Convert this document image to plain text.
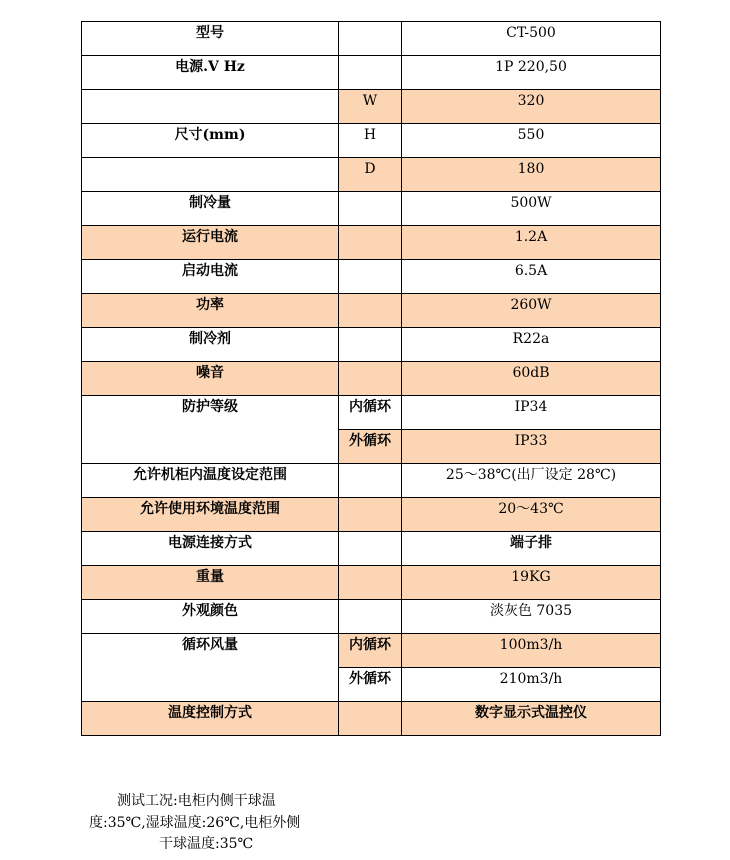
型号		CT-500
电源.V Hz		1P 220,50
	W	320
尺寸(mm)	H	550
	D	180
制冷量		500W
运行电流		1.2A
启动电流		6.5A
功率		260W
制冷剂		R22a
噪音		60dB
防护等级	内循环	IP34
	外循环	IP33
允许机柜内温度设定范围		25～38℃(出厂设定 28℃)
允许使用环境温度范围		20～43℃
电源连接方式		端子排
重量		19KG
外观颜色		淡灰色 7035
循环风量	内循环	100m3/h
	外循环	210m3/h
温度控制方式		数字显示式温控仪
测试工况:电柜内侧干球温
度:35℃,湿球温度:26℃,电柜外侧
干球温度:35℃
